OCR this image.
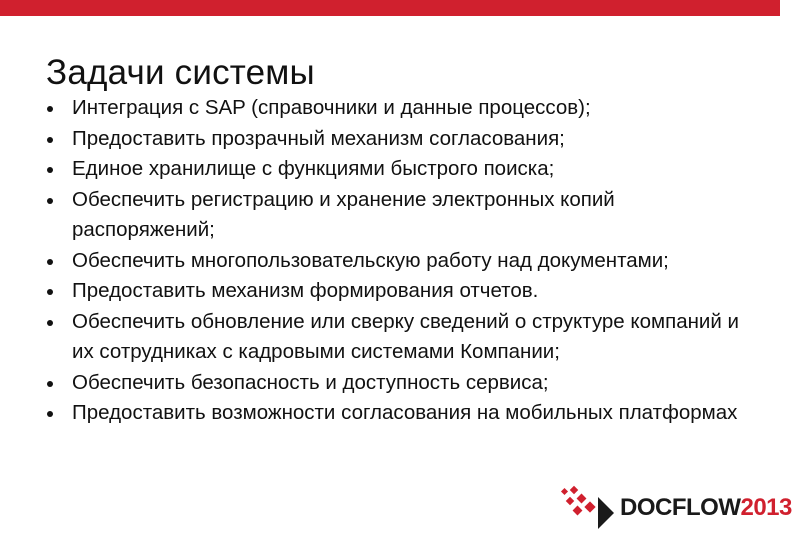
Задачи системы
Интеграция с SAP (справочники и данные процессов);
Предоставить прозрачный механизм согласования;
Единое хранилище с функциями быстрого поиска;
Обеспечить регистрацию и хранение электронных копий распоряжений;
Обеспечить многопользовательскую работу над документами;
Предоставить механизм формирования отчетов.
Обеспечить обновление или сверку сведений о структуре компаний и их сотрудниках с кадровыми системами Компании;
Обеспечить безопасность и доступность сервиса;
Предоставить возможности согласования на мобильных платформах
DOCFLOW2013
